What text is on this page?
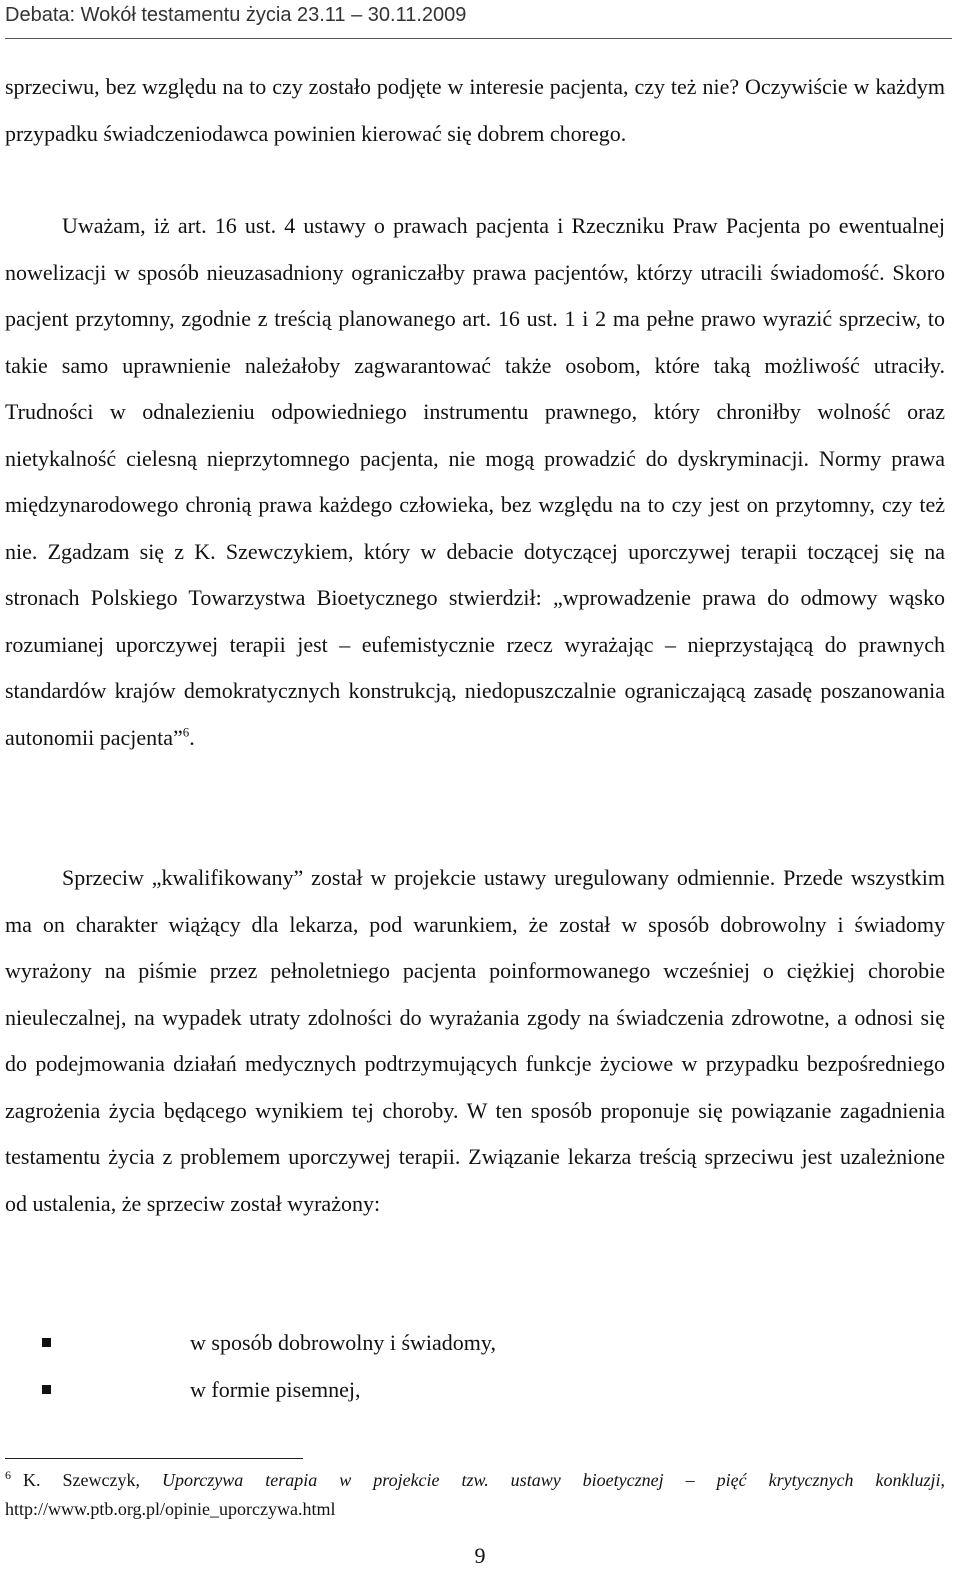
Debata: Wokół testamentu życia 23.11 – 30.11.2009
sprzeciwu, bez względu na to czy zostało podjęte w interesie pacjenta, czy też nie? Oczywiście w każdym przypadku świadczeniodawca powinien kierować się dobrem chorego.
Uważam, iż art. 16 ust. 4 ustawy o prawach pacjenta i Rzeczniku Praw Pacjenta po ewentualnej nowelizacji w sposób nieuzasadniony ograniczałby prawa pacjentów, którzy utracili świadomość. Skoro pacjent przytomny, zgodnie z treścią planowanego art. 16 ust. 1 i 2 ma pełne prawo wyrazić sprzeciw, to takie samo uprawnienie należałoby zagwarantować także osobom, które taką możliwość utraciły. Trudności w odnalezieniu odpowiedniego instrumentu prawnego, który chroniłby wolność oraz nietykalność cielesną nieprzytomnego pacjenta, nie mogą prowadzić do dyskryminacji. Normy prawa międzynarodowego chronią prawa każdego człowieka, bez względu na to czy jest on przytomny, czy też nie. Zgadzam się z K. Szewczykiem, który w debacie dotyczącej uporczywej terapii toczącej się na stronach Polskiego Towarzystwa Bioetycznego stwierdził: „wprowadzenie prawa do odmowy wąsko rozumianej uporczywej terapii jest – eufemistycznie rzecz wyrażając – nieprzystającą do prawnych standardów krajów demokratycznych konstrukcją, niedopuszczalnie ograniczającą zasadę poszanowania autonomii pacjenta”$^6$.
Sprzeciw „kwalifikowany” został w projekcie ustawy uregulowany odmiennie. Przede wszystkim ma on charakter wiążący dla lekarza, pod warunkiem, że został w sposób dobrowolny i świadomy wyrażony na piśmie przez pełnoletniego pacjenta poinformowanego wcześniej o ciężkiej chorobie nieuleczalnej, na wypadek utraty zdolności do wyrażania zgody na świadczenia zdrowotne, a odnosi się do podejmowania działań medycznych podtrzymujących funkcje życiowe w przypadku bezpośredniego zagrożenia życia będącego wynikiem tej choroby. W ten sposób proponuje się powiązanie zagadnienia testamentu życia z problemem uporczywej terapii. Związanie lekarza treścią sprzeciwu jest uzależnione od ustalenia, że sprzeciw został wyrażony:
w sposób dobrowolny i świadomy,
w formie pisemnej,
$^6$ K. Szewczyk, Uporczywa terapia w projekcie tzw. ustawy bioetycznej – pięć krytycznych konkluzji, http://www.ptb.org.pl/opinie_uporczywa.html
9
